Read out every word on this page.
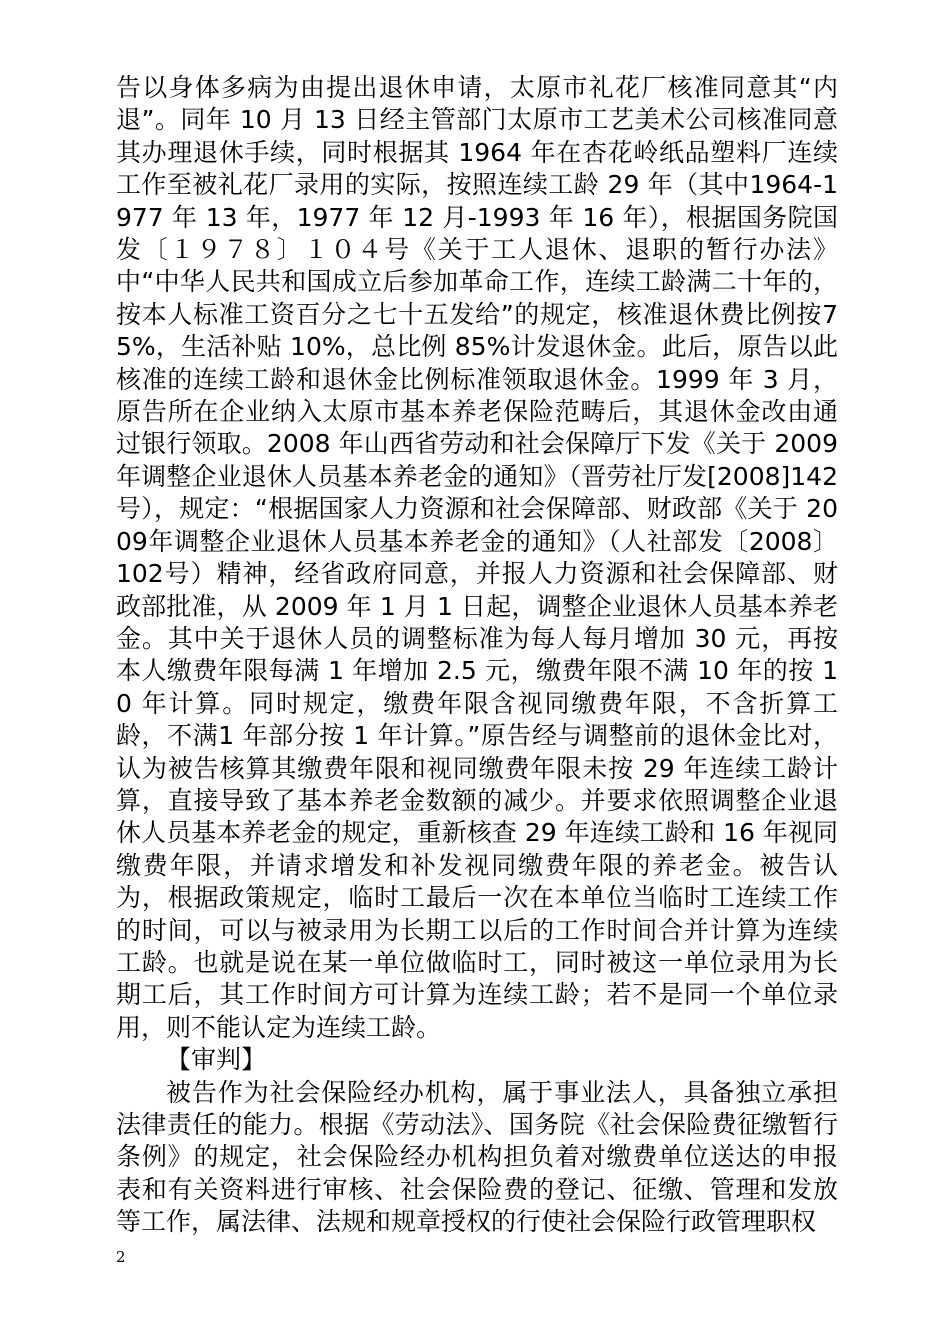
告以身体多病为由提出退休申请，太原市礼花厂核准同意其“内退”。同年 10 月 13 日经主管部门太原市工艺美术公司核准同意其办理退休手续，同时根据其 1964 年在杏花岭纸品塑料厂连续工作至被礼花厂录用的实际，按照连续工龄 29 年（其中1964-1977 年 13 年，1977 年 12 月-1993 年 16 年），根据国务院国发〔１９７８〕１０４号《关于工人退休、退职的暂行办法》中“中华人民共和国成立后参加革命工作，连续工龄满二十年的，按本人标准工资百分之七十五发给”的规定，核准退休费比例按75%，生活补贴 10%，总比例 85%计发退休金。此后，原告以此核准的连续工龄和退休金比例标准领取退休金。1999 年 3 月，原告所在企业纳入太原市基本养老保险范畴后，其退休金改由通过银行领取。2008 年山西省劳动和社会保障厅下发《关于 2009年调整企业退休人员基本养老金的通知》（晋劳社厅发[2008]142号），规定：“根据国家人力资源和社会保障部、财政部《关于 2009年调整企业退休人员基本养老金的通知》（人社部发〔2008〕102号）精神，经省政府同意，并报人力资源和社会保障部、财政部批准，从 2009 年 1 月 1 日起，调整企业退休人员基本养老金。其中关于退休人员的调整标准为每人每月增加 30 元，再按本人缴费年限每满 1 年增加 2.5 元，缴费年限不满 10 年的按 10 年计算。同时规定，缴费年限含视同缴费年限，不含折算工龄，不满1 年部分按 1 年计算。”原告经与调整前的退休金比对，认为被告核算其缴费年限和视同缴费年限未按 29 年连续工龄计算，直接导致了基本养老金数额的减少。并要求依照调整企业退休人员基本养老金的规定，重新核查 29 年连续工龄和 16 年视同缴费年限，并请求增发和补发视同缴费年限的养老金。被告认为，根据政策规定，临时工最后一次在本单位当临时工连续工作的时间，可以与被录用为长期工以后的工作时间合并计算为连续工龄。也就是说在某一单位做临时工，同时被这一单位录用为长期工后，其工作时间方可计算为连续工龄；若不是同一个单位录用，则不能认定为连续工龄。

【审判】

被告作为社会保险经办机构，属于事业法人，具备独立承担法律责任的能力。根据《劳动法》、国务院《社会保险费征缴暂行条例》的规定，社会保险经办机构担负着对缴费单位送达的申报表和有关资料进行审核、社会保险费的登记、征缴、管理和发放等工作，属法律、法规和规章授权的行使社会保险行政管理职权

2
